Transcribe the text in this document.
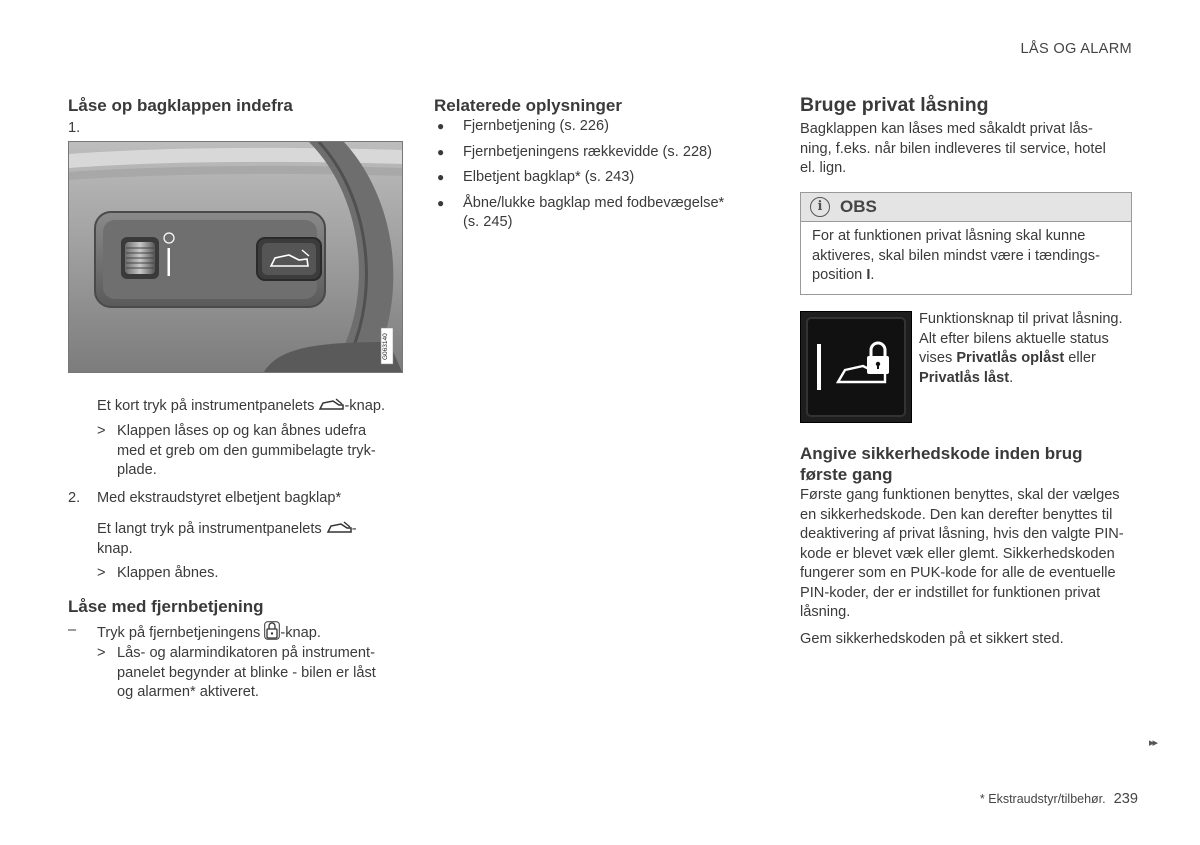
LÅS OG ALARM
Låse op bagklappen indefra
1.
G063140
Et kort tryk på instrumentpanelets -knap.
> Klappen låses op og kan åbnes udefra
med et greb om den gummibelagte tryk-
plade.
2. Med ekstraudstyret elbetjent bagklap*
Et langt tryk på instrumentpanelets -
knap.
> Klappen åbnes.
Låse med fjernbetjening
– Tryk på fjernbetjeningens -knap.
> Lås- og alarmindikatoren på instrument-
panelet begynder at blinke - bilen er låst
og alarmen* aktiveret.
Relaterede oplysninger
● Fjernbetjening (s. 226)
● Fjernbetjeningens rækkevidde (s. 228)
● Elbetjent bagklap* (s. 243)
● Åbne/lukke bagklap med fodbevægelse* (s. 245)
Bruge privat låsning
Bagklappen kan låses med såkaldt privat lås-
ning, f.eks. når bilen indleveres til service, hotel
el. lign.
i	OBS
For at funktionen privat låsning skal kunne
aktiveres, skal bilen mindst være i tændings-
position I.
Funktionsknap til privat låsning.
Alt efter bilens aktuelle status
vises Privatlås oplåst eller
Privatlås låst.
Angive sikkerhedskode inden brug
første gang
Første gang funktionen benyttes, skal der vælges
en sikkerhedskode. Den kan derefter benyttes til
deaktivering af privat låsning, hvis den valgte PIN-
kode er blevet væk eller glemt. Sikkerhedskoden
fungerer som en PUK-kode for alle de eventuelle
PIN-koder, der er indstillet for funktionen privat
låsning.
Gem sikkerhedskoden på et sikkert sted.
▸▸
* Ekstraudstyr/tilbehør. 239
